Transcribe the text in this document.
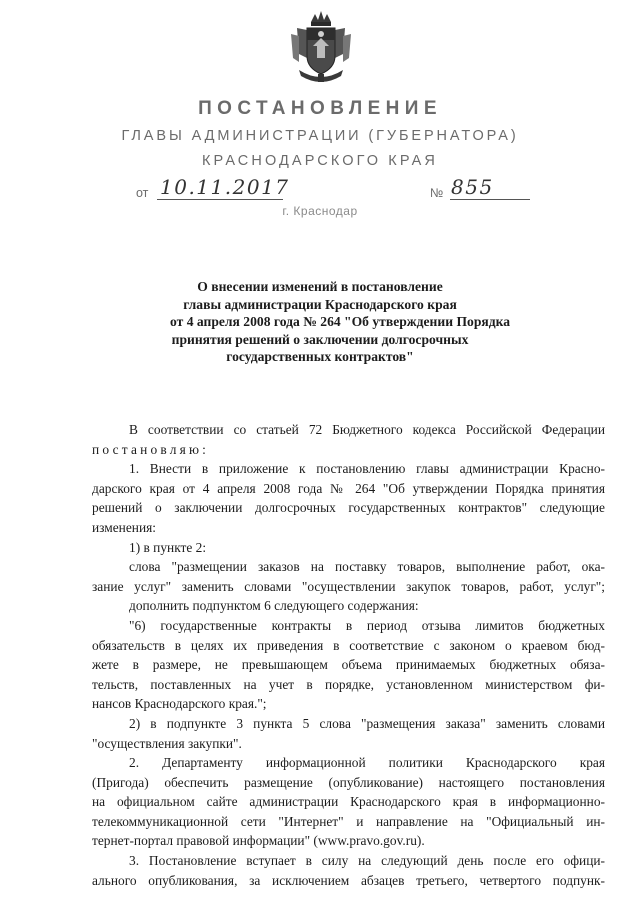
ПОСТАНОВЛЕНИЕ
ГЛАВЫ АДМИНИСТРАЦИИ (ГУБЕРНАТОРА)
КРАСНОДАРСКОГО КРАЯ
от 10.11.2017	№ 855
г. Краснодар
О внесении изменений в постановление
главы администрации Краснодарского края
от 4 апреля 2008 года № 264 "Об утверждении Порядка
принятия решений о заключении долгосрочных
государственных контрактов"
В соответствии со статьей 72 Бюджетного кодекса Российской Федерации
постановляю:
1. Внести в приложение к постановлению главы администрации Красно-
дарского края от 4 апреля 2008 года № 264 "Об утверждении Порядка принятия
решений о заключении долгосрочных государственных контрактов" следующие
изменения:
1) в пункте 2:
слова "размещении заказов на поставку товаров, выполнение работ, ока-
зание услуг" заменить словами "осуществлении закупок товаров, работ, услуг";
дополнить подпунктом 6 следующего содержания:
"6) государственные контракты в период отзыва лимитов бюджетных
обязательств в целях их приведения в соответствие с законом о краевом бюд-
жете в размере, не превышающем объема принимаемых бюджетных обяза-
тельств, поставленных на учет в порядке, установленном министерством фи-
нансов Краснодарского края.";
2) в подпункте 3 пункта 5 слова "размещения заказа" заменить словами
"осуществления закупки".
2. Департаменту информационной политики Краснодарского края
(Пригода) обеспечить размещение (опубликование) настоящего постановления
на официальном сайте администрации Краснодарского края в информационно-
телекоммуникационной сети "Интернет" и направление на "Официальный ин-
тернет-портал правовой информации" (www.pravo.gov.ru).
3. Постановление вступает в силу на следующий день после его офици-
ального опубликования, за исключением абзацев третьего, четвертого подпунк-
